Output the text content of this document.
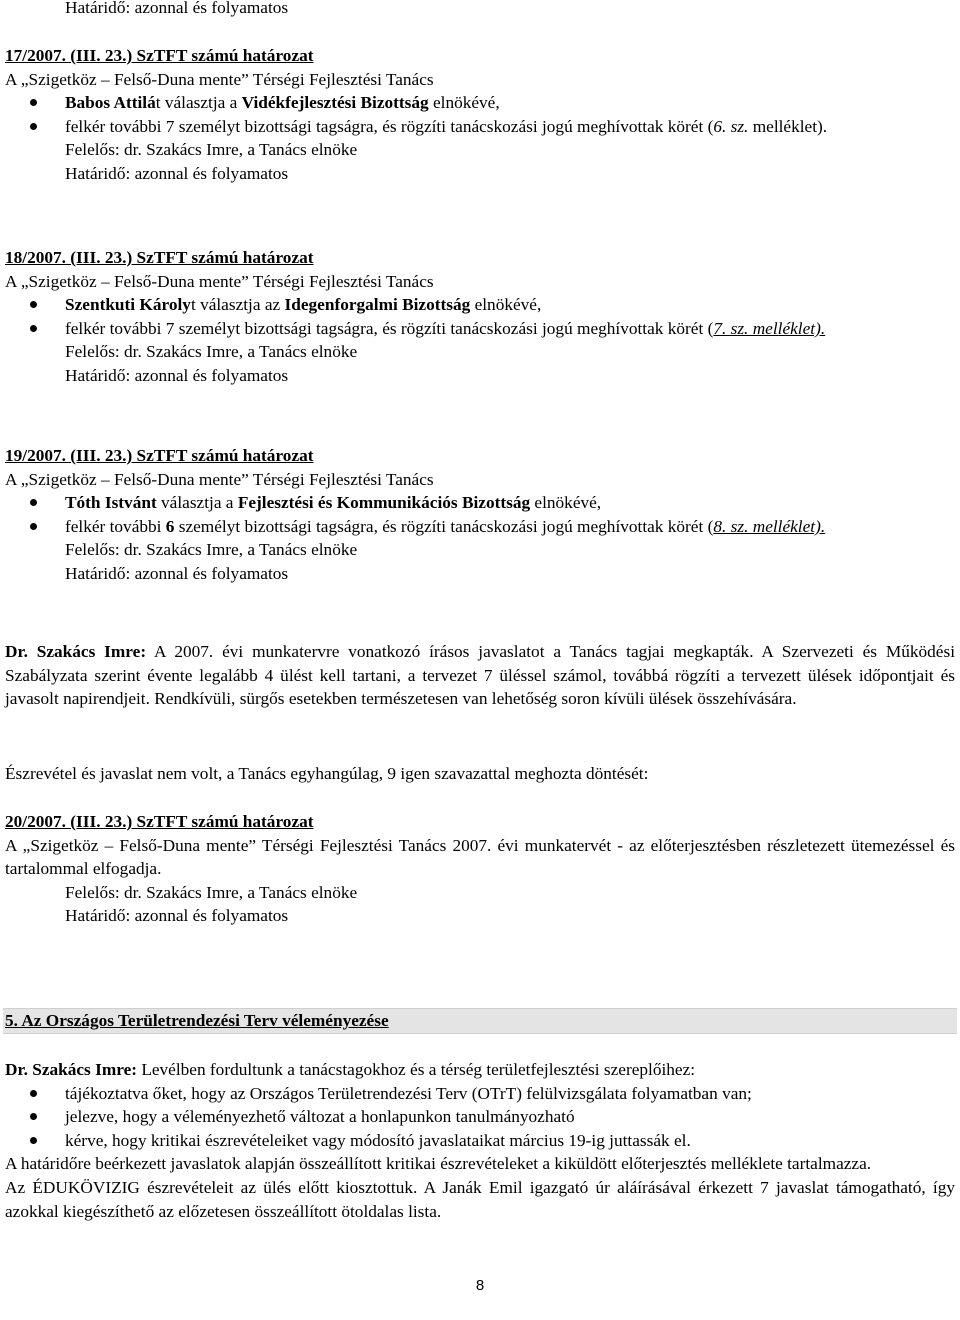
Határidő: azonnal és folyamatos

17/2007. (III. 23.) SzTFT számú határozat

A „Szigetköz – Felső-Duna mente” Térségi Fejlesztési Tanács

Babos Attilát választja a Vidékfejlesztési Bizottság elnökévé,
felkér további 7 személyt bizottsági tagságra, és rögzíti tanácskozási jogú meghívottak körét (6. sz. melléklet).

Felelős: dr. Szakács Imre, a Tanács elnöke

Határidő: azonnal és folyamatos

18/2007. (III. 23.) SzTFT számú határozat

A „Szigetköz – Felső-Duna mente” Térségi Fejlesztési Tanács

Szentkuti Károlyt választja az Idegenforgalmi Bizottság elnökévé,
felkér további 7 személyt bizottsági tagságra, és rögzíti tanácskozási jogú meghívottak körét (7. sz. melléklet).

Felelős: dr. Szakács Imre, a Tanács elnöke

Határidő: azonnal és folyamatos

19/2007. (III. 23.) SzTFT számú határozat

A „Szigetköz – Felső-Duna mente” Térségi Fejlesztési Tanács

Tóth Istvánt választja a Fejlesztési és Kommunikációs Bizottság elnökévé,
felkér további 6 személyt bizottsági tagságra, és rögzíti tanácskozási jogú meghívottak körét (8. sz. melléklet).

Felelős: dr. Szakács Imre, a Tanács elnöke

Határidő: azonnal és folyamatos

Dr. Szakács Imre: A 2007. évi munkatervre vonatkozó írásos javaslatot a Tanács tagjai megkapták. A Szervezeti és Működési Szabályzata szerint évente legalább 4 ülést kell tartani, a tervezet 7 üléssel számol, továbbá rögzíti a tervezett ülések időpontjait és javasolt napirendjeit. Rendkívüli, sürgős esetekben természetesen van lehetőség soron kívüli ülések összehívására.

Észrevétel és javaslat nem volt, a Tanács egyhangúlag, 9 igen szavazattal meghozta döntését:

20/2007. (III. 23.) SzTFT számú határozat

A „Szigetköz – Felső-Duna mente” Térségi Fejlesztési Tanács 2007. évi munkatervét - az előterjesztésben részletezett ütemezéssel és tartalommal elfogadja.

Felelős: dr. Szakács Imre, a Tanács elnöke

Határidő: azonnal és folyamatos

5. Az Országos Területrendezési Terv véleményezése

Dr. Szakács Imre: Levélben fordultunk a tanácstagokhoz és a térség területfejlesztési szereplőihez:

tájékoztatva őket, hogy az Országos Területrendezési Terv (OTrT) felülvizsgálata folyamatban van;
jelezve, hogy a véleményezhető változat a honlapunkon tanulmányozható
kérve, hogy kritikai észrevételeiket vagy módosító javaslataikat március 19-ig juttassák el.

A határidőre beérkezett javaslatok alapján összeállított kritikai észrevételeket a kiküldött előterjesztés melléklete tartalmazza.

Az ÉDUKÖVIZIG észrevételeit az ülés előtt kiosztottuk. A Janák Emil igazgató úr aláírásával érkezett 7 javaslat támogatható, így azokkal kiegészíthető az előzetesen összeállított ötoldalas lista.

8
